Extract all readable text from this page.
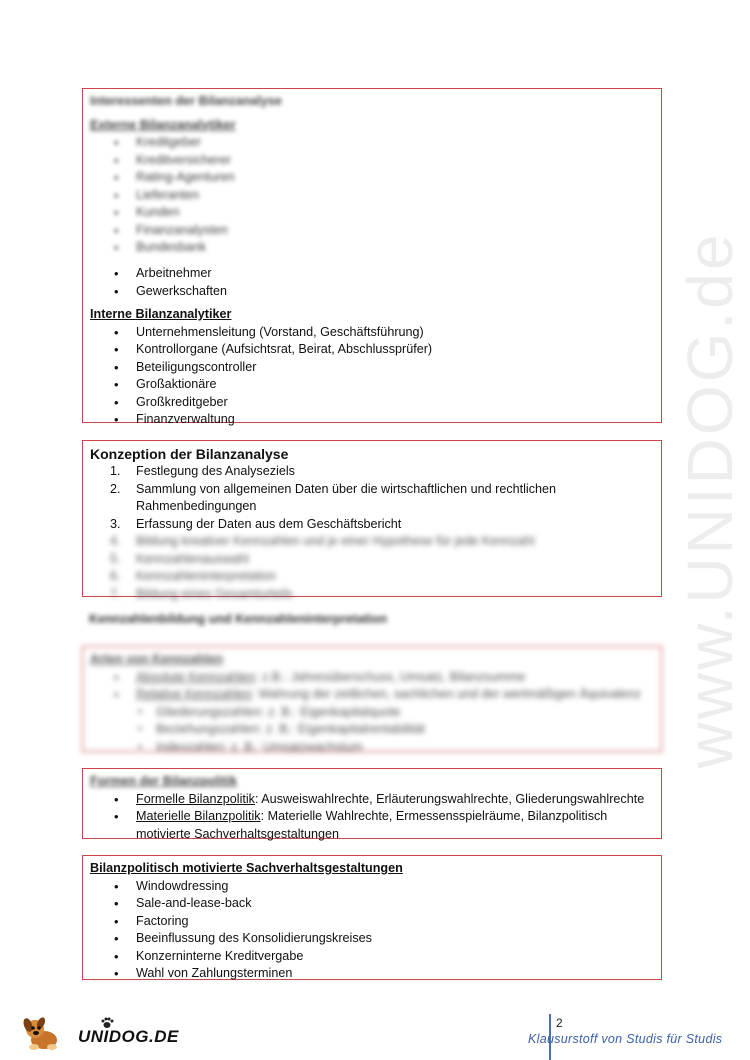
www.UNIDOG.de
Interessenten der Bilanzanalyse
Externe Bilanzanalytiker
• Kreditgeber
• Kreditversicherer
• Rating-Agenturen
• Lieferanten
• Kunden
• Finanzanalysten
• Bundesbank
• Arbeitnehmer
• Gewerkschaften
Interne Bilanzanalytiker
• Unternehmensleitung (Vorstand, Geschäftsführung)
• Kontrollorgane (Aufsichtsrat, Beirat, Abschlussprüfer)
• Beteiligungscontroller
• Großaktionäre
• Großkreditgeber
• Finanzverwaltung
Konzeption der Bilanzanalyse
1. Festlegung des Analyseziels
2. Sammlung von allgemeinen Daten über die wirtschaftlichen und rechtlichen Rahmenbedingungen
3. Erfassung der Daten aus dem Geschäftsbericht
4. Bildung kreativer Kennzahlen und je einer Hypothese für jede Kennzahl
5. Kennzahlenauswahl
6. Kennzahleninterpretation
7. Bildung eines Gesamturteils
Kennzahlenbildung und Kennzahleninterpretation
Arten von Kennzahlen
• Absolute Kennzahlen: z.B.: Jahresüberschuss, Umsatz, Bilanzsumme
• Relative Kennzahlen: Wahrung der zeitlichen, sachlichen und der wertmäßigen Äquivalenz
▪ Gliederungszahlen: z. B.: Eigenkapitalquote
▪ Beziehungszahlen: z. B.: Eigenkapitalrentabilität
▪ Indexzahlen: z. B.: Umsatzwachstum
Formen der Bilanzpolitik
• Formelle Bilanzpolitik: Ausweiswahlrechte, Erläuterungswahlrechte, Gliederungswahlrechte
• Materielle Bilanzpolitik: Materielle Wahlrechte, Ermessensspielräume, Bilanzpolitisch motivierte Sachverhaltsgestaltungen
Bilanzpolitisch motivierte Sachverhaltsgestaltungen
• Windowdressing
• Sale-and-lease-back
• Factoring
• Beeinflussung des Konsolidierungskreises
• Konzerninterne Kreditvergabe
• Wahl von Zahlungsterminen
UNIDOG.DE
2
Klausurstoff von Studis für Studis
